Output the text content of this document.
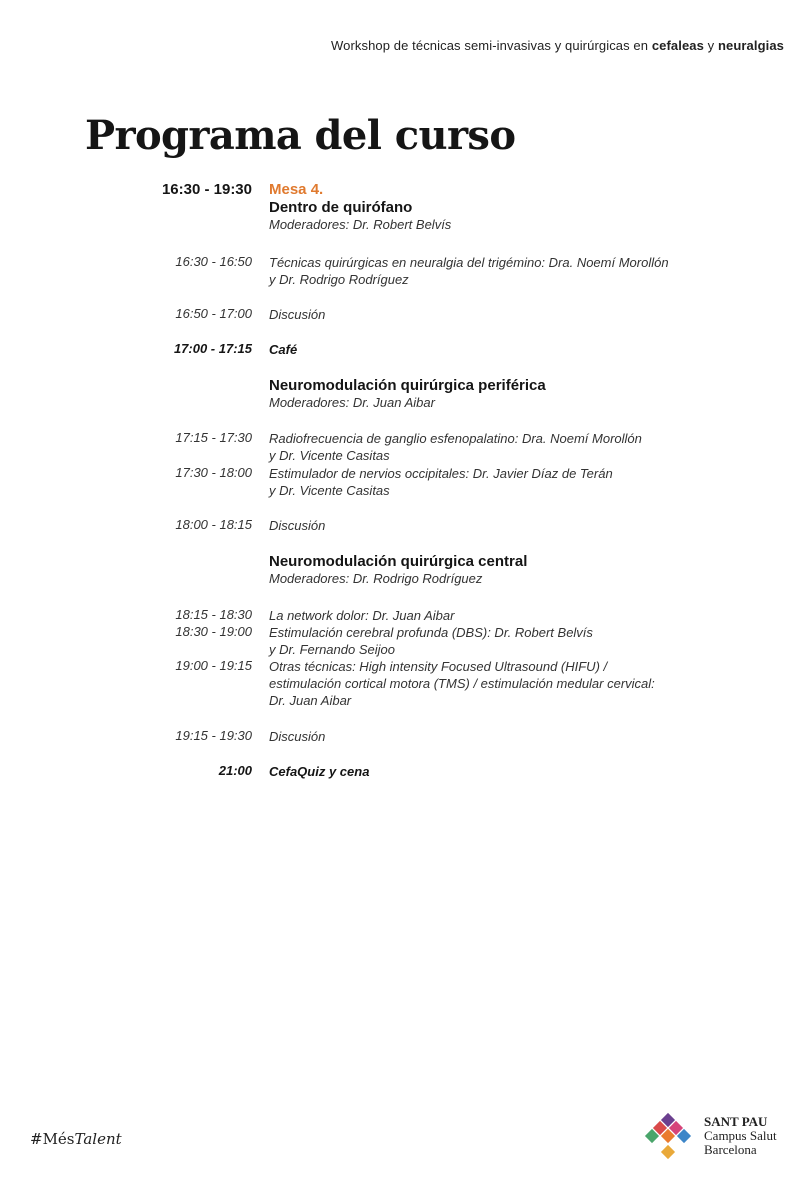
Workshop de técnicas semi-invasivas y quirúrgicas en cefaleas y neuralgias
Programa del curso
16:30 - 19:30 Mesa 4.
Dentro de quirófano
Moderadores: Dr. Robert Belvís
16:30 - 16:50 Técnicas quirúrgicas en neuralgia del trigémino: Dra. Noemí Morollón
y Dr. Rodrigo Rodríguez
16:50 - 17:00 Discusión
17:00 - 17:15 Café
Neuromodulación quirúrgica periférica
Moderadores: Dr. Juan Aibar
17:15 - 17:30 Radiofrecuencia de ganglio esfenopalatino: Dra. Noemí Morollón
y Dr. Vicente Casitas
17:30 - 18:00 Estimulador de nervios occipitales: Dr. Javier Díaz de Terán
y Dr. Vicente Casitas
18:00 - 18:15 Discusión
Neuromodulación quirúrgica central
Moderadores: Dr. Rodrigo Rodríguez
18:15 - 18:30 La network dolor: Dr. Juan Aibar
18:30 - 19:00 Estimulación cerebral profunda (DBS): Dr. Robert Belvís
y Dr. Fernando Seijoo
19:00 - 19:15 Otras técnicas: High intensity Focused Ultrasound (HIFU) /
estimulación cortical motora (TMS) / estimulación medular cervical:
Dr. Juan Aibar
19:15 - 19:30 Discusión
21:00 CefaQuiz y cena
#MésTalent
SANT PAU
Campus Salut
Barcelona
